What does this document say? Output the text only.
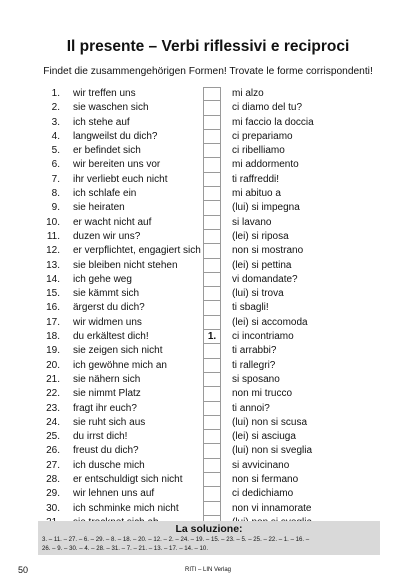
Il presente – Verbi riflessivi e reciproci
Findet die zusammengehörigen Formen! Trovate le forme corrispondenti!
1. wir treffen uns	mi alzo
2. sie waschen sich	ci diamo del tu?
3. ich stehe auf	mi faccio la doccia
4. langweilst du dich?	ci prepariamo
5. er befindet sich	ci ribelliamo
6. wir bereiten uns vor	mi addormento
7. ihr verliebt euch nicht	ti raffreddi!
8. ich schlafe ein	mi abituo a
9. sie heiraten	(lui) si impegna
10. er wacht nicht auf	si lavano
11. duzen wir uns?	(lei) si riposa
12. er verpflichtet, engagiert sich	non si mostrano
13. sie bleiben nicht stehen	(lei) si pettina
14. ich gehe weg	vi domandate?
15. sie kämmt sich	(lui) si trova
16. ärgerst du dich?	ti sbagli!
17. wir widmen uns	(lei) si accomoda
18. du erkältest dich!	1.	ci incontriamo
19. sie zeigen sich nicht	ti arrabbi?
20. ich gewöhne mich an	ti rallegri?
21. sie nähern sich	si sposano
22. sie nimmt Platz	non mi trucco
23. fragt ihr euch?	ti annoi?
24. sie ruht sich aus	(lui) non si scusa
25. du irrst dich!	(lei) si asciuga
26. freust du dich?	(lui) non si sveglia
27. ich dusche mich	si avvicinano
28. er entschuldigt sich nicht	non si fermano
29. wir lehnen uns auf	ci dedichiamo
30. ich schminke mich nicht	non vi innamorate
La soluzione:
3. – 11. – 27. – 6. – 29. – 8. – 18. – 20. – 12. – 2. – 24. – 19. – 15. – 23. – 5. – 25. – 22. – 1. – 16. –
26. – 9. – 30. – 4. – 28. – 31. – 7. – 21. – 13. – 17. – 14. – 10.
50	RITI – LIN Verlag
